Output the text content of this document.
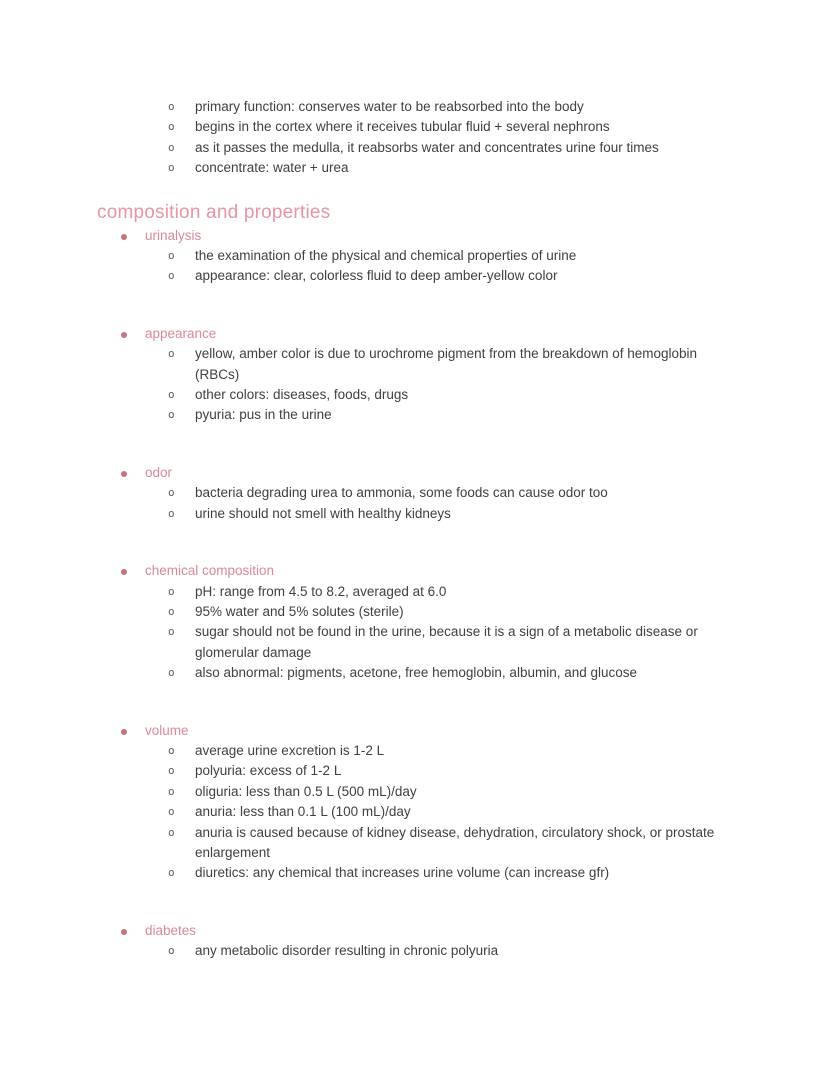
o primary function: conserves water to be reabsorbed into the body
o begins in the cortex where it receives tubular fluid + several nephrons
o as it passes the medulla, it reabsorbs water and concentrates urine four times
o concentrate: water + urea
composition and properties
urinalysis
o the examination of the physical and chemical properties of urine
o appearance: clear, colorless fluid to deep amber-yellow color
appearance
o yellow, amber color is due to urochrome pigment from the breakdown of hemoglobin (RBCs)
o other colors: diseases, foods, drugs
o pyuria: pus in the urine
odor
o bacteria degrading urea to ammonia, some foods can cause odor too
o urine should not smell with healthy kidneys
chemical composition
o pH: range from 4.5 to 8.2, averaged at 6.0
o 95% water and 5% solutes (sterile)
o sugar should not be found in the urine, because it is a sign of a metabolic disease or glomerular damage
o also abnormal: pigments, acetone, free hemoglobin, albumin, and glucose
volume
o average urine excretion is 1-2 L
o polyuria: excess of 1-2 L
o oliguria: less than 0.5 L (500 mL)/day
o anuria: less than 0.1 L (100 mL)/day
o anuria is caused because of kidney disease, dehydration, circulatory shock, or prostate enlargement
o diuretics: any chemical that increases urine volume (can increase gfr)
diabetes
o any metabolic disorder resulting in chronic polyuria
